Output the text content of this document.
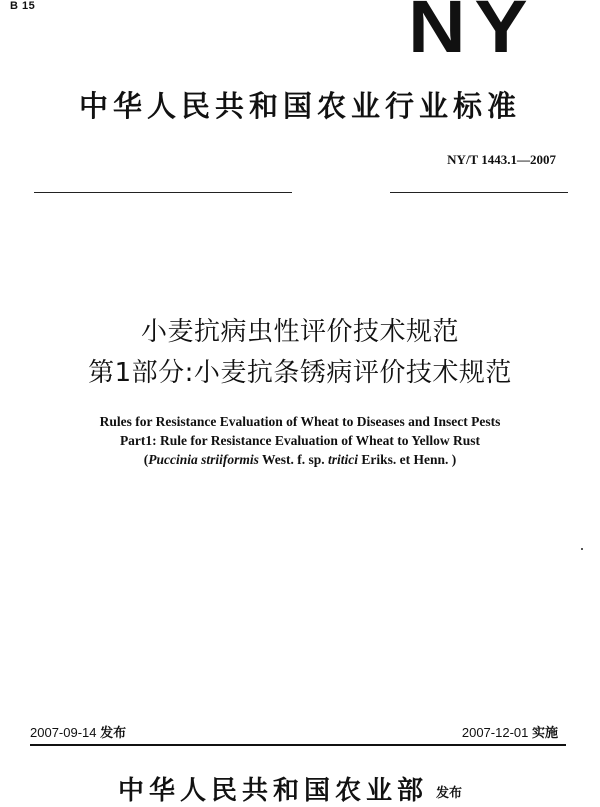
B 15	NY
中华人民共和国农业行业标准
NY/T 1443.1—2007
小麦抗病虫性评价技术规范
第1部分:小麦抗条锈病评价技术规范
Rules for Resistance Evaluation of Wheat to Diseases and Insect Pests
Part1: Rule for Resistance Evaluation of Wheat to Yellow Rust
(Puccinia striiformis West. f. sp. tritici Eriks. et Henn. )
2007-09-14 发布	2007-12-01 实施
中华人民共和国农业部 发布
